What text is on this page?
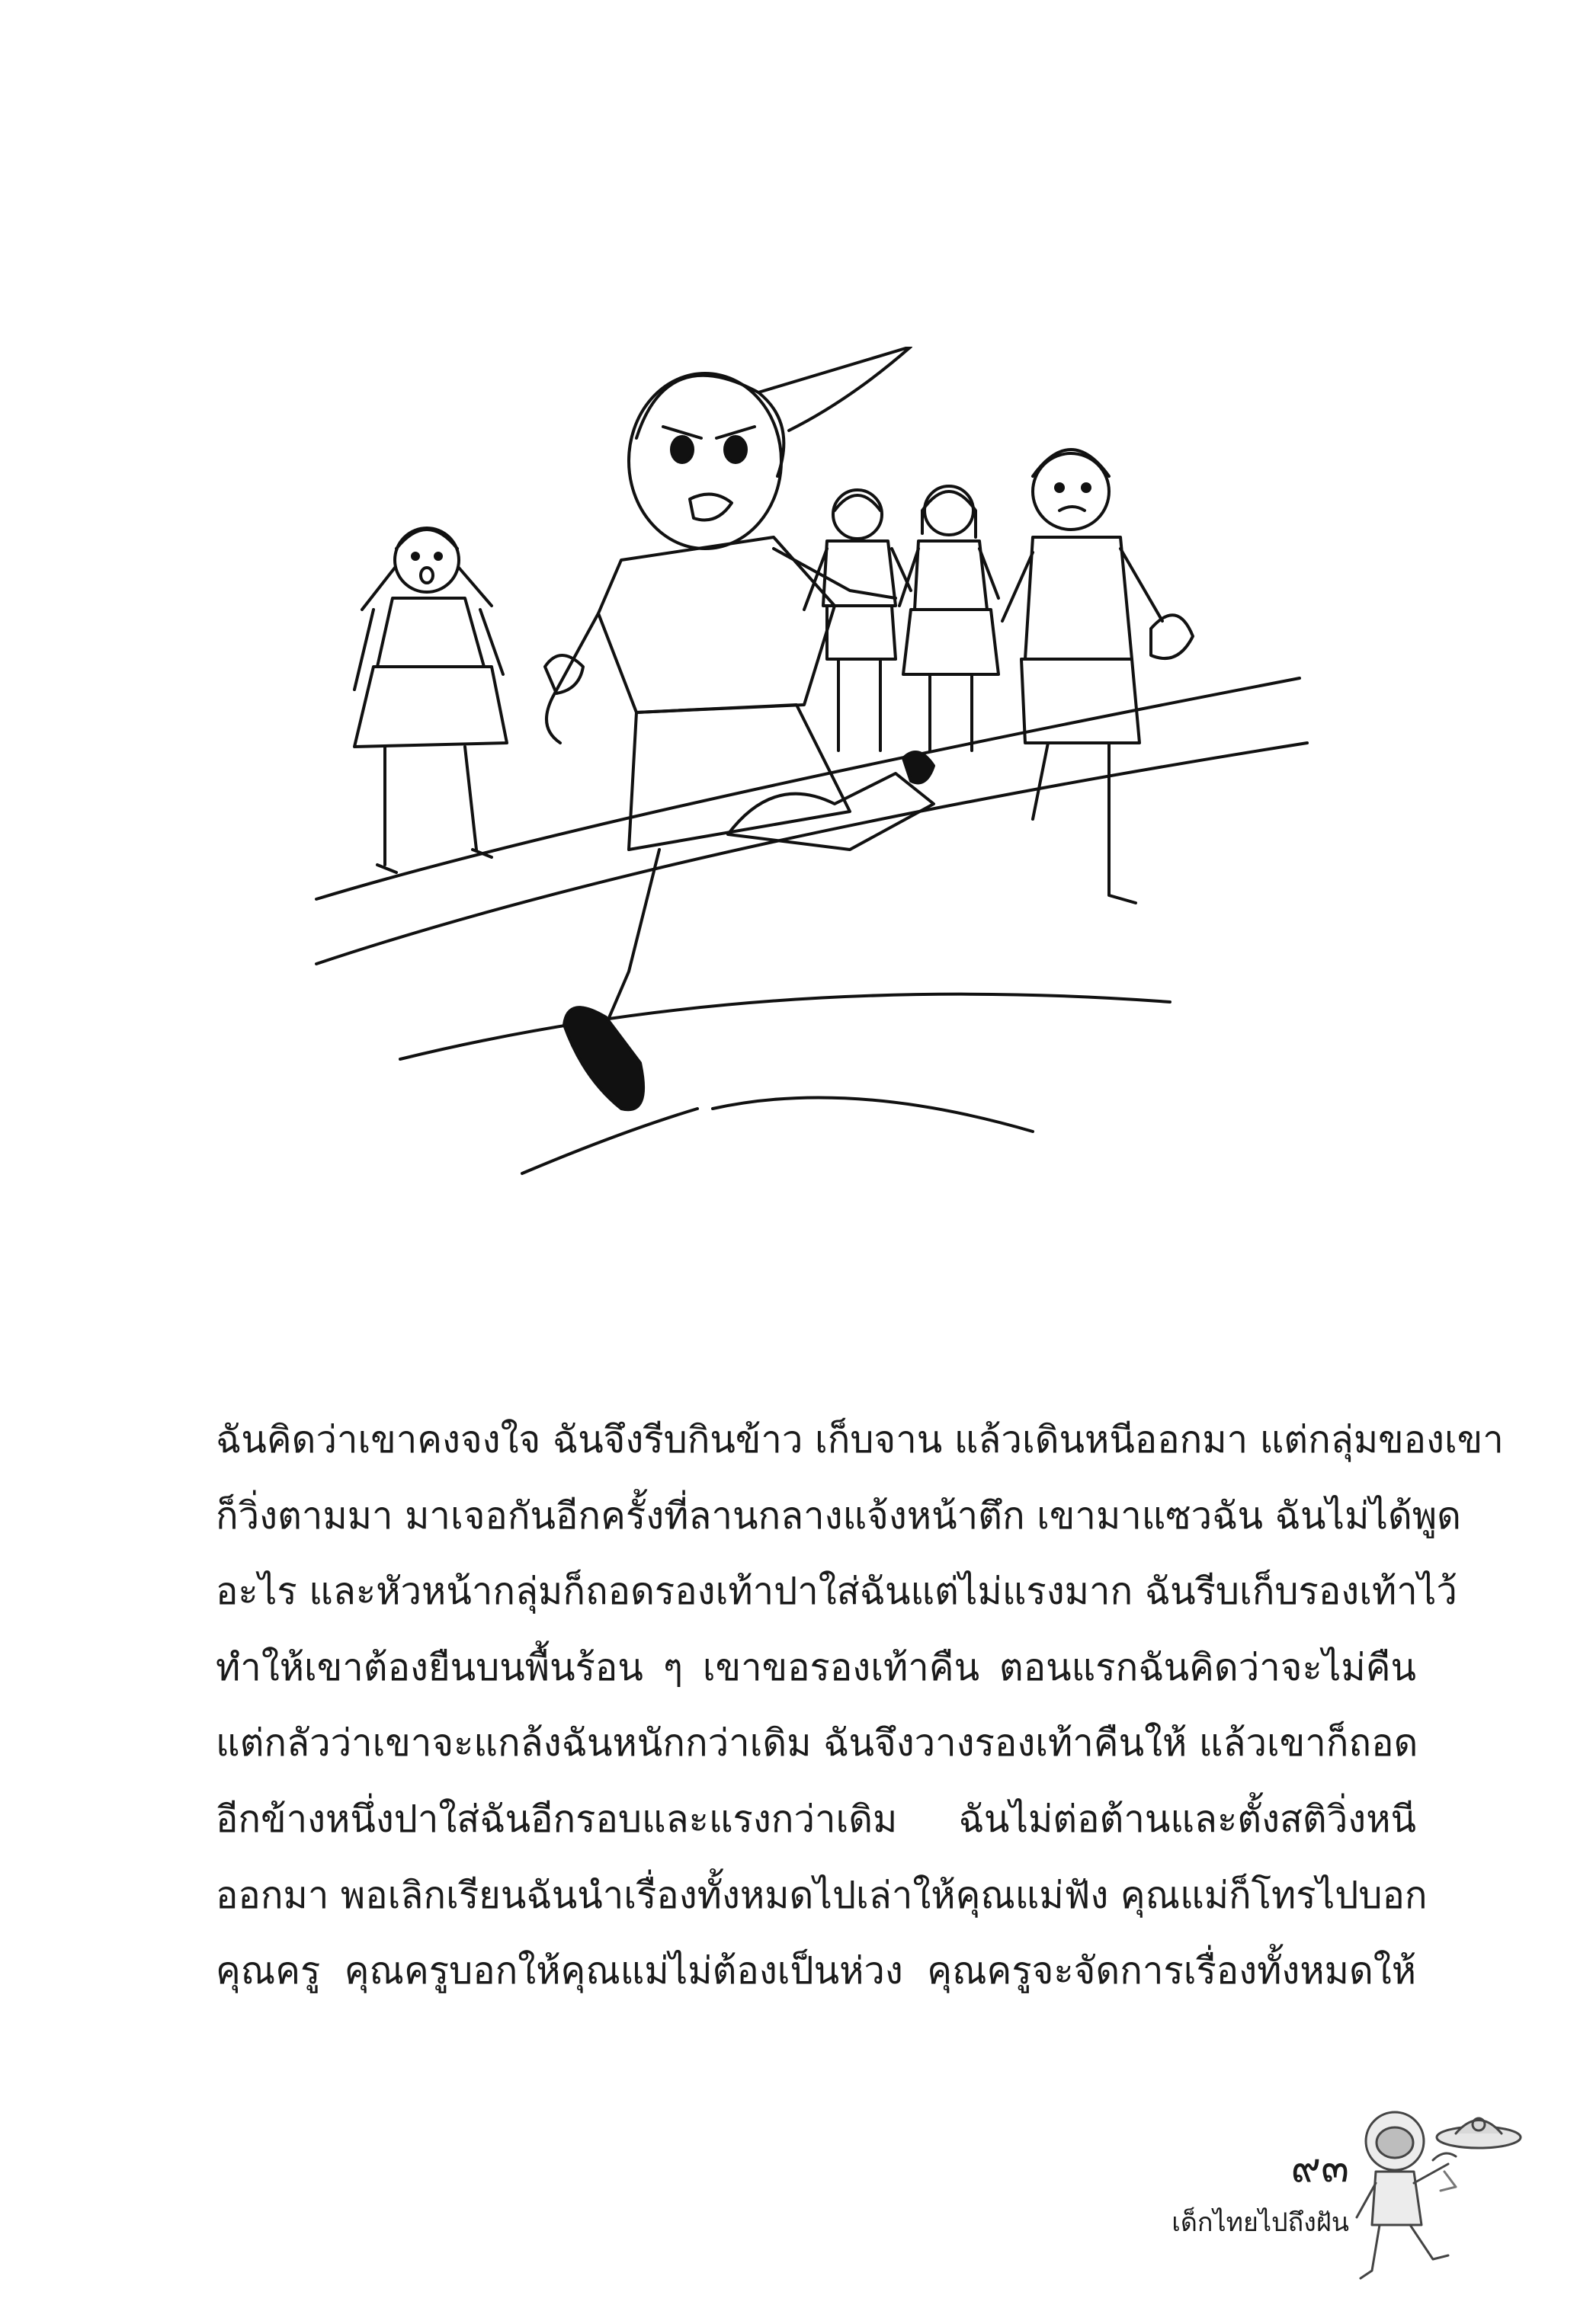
ฉันคิดว่าเขาคงจงใจ ฉันจึงรีบกินข้าว เก็บจาน แล้วเดินหนีออกมา แต่กลุ่มของเขา
ก็วิ่งตามมา มาเจอกันอีกครั้งที่ลานกลางแจ้งหน้าตึก เขามาแซวฉัน ฉันไม่ได้พูด
อะไร และหัวหน้ากลุ่มก็ถอดรองเท้าปาใส่ฉันแต่ไม่แรงมาก ฉันรีบเก็บรองเท้าไว้
ทำให้เขาต้องยืนบนพื้นร้อน ๆ เขาขอรองเท้าคืน ตอนแรกฉันคิดว่าจะไม่คืน
แต่กลัวว่าเขาจะแกล้งฉันหนักกว่าเดิม ฉันจึงวางรองเท้าคืนให้ แล้วเขาก็ถอด
อีกข้างหนึ่งปาใส่ฉันอีกรอบและแรงกว่าเดิม ฉันไม่ต่อต้านและตั้งสติวิ่งหนี
ออกมา พอเลิกเรียนฉันนำเรื่องทั้งหมดไปเล่าให้คุณแม่ฟัง คุณแม่ก็โทรไปบอก
คุณครู คุณครูบอกให้คุณแม่ไม่ต้องเป็นห่วง คุณครูจะจัดการเรื่องทั้งหมดให้
๙๓
เด็กไทยไปถึงฝัน
